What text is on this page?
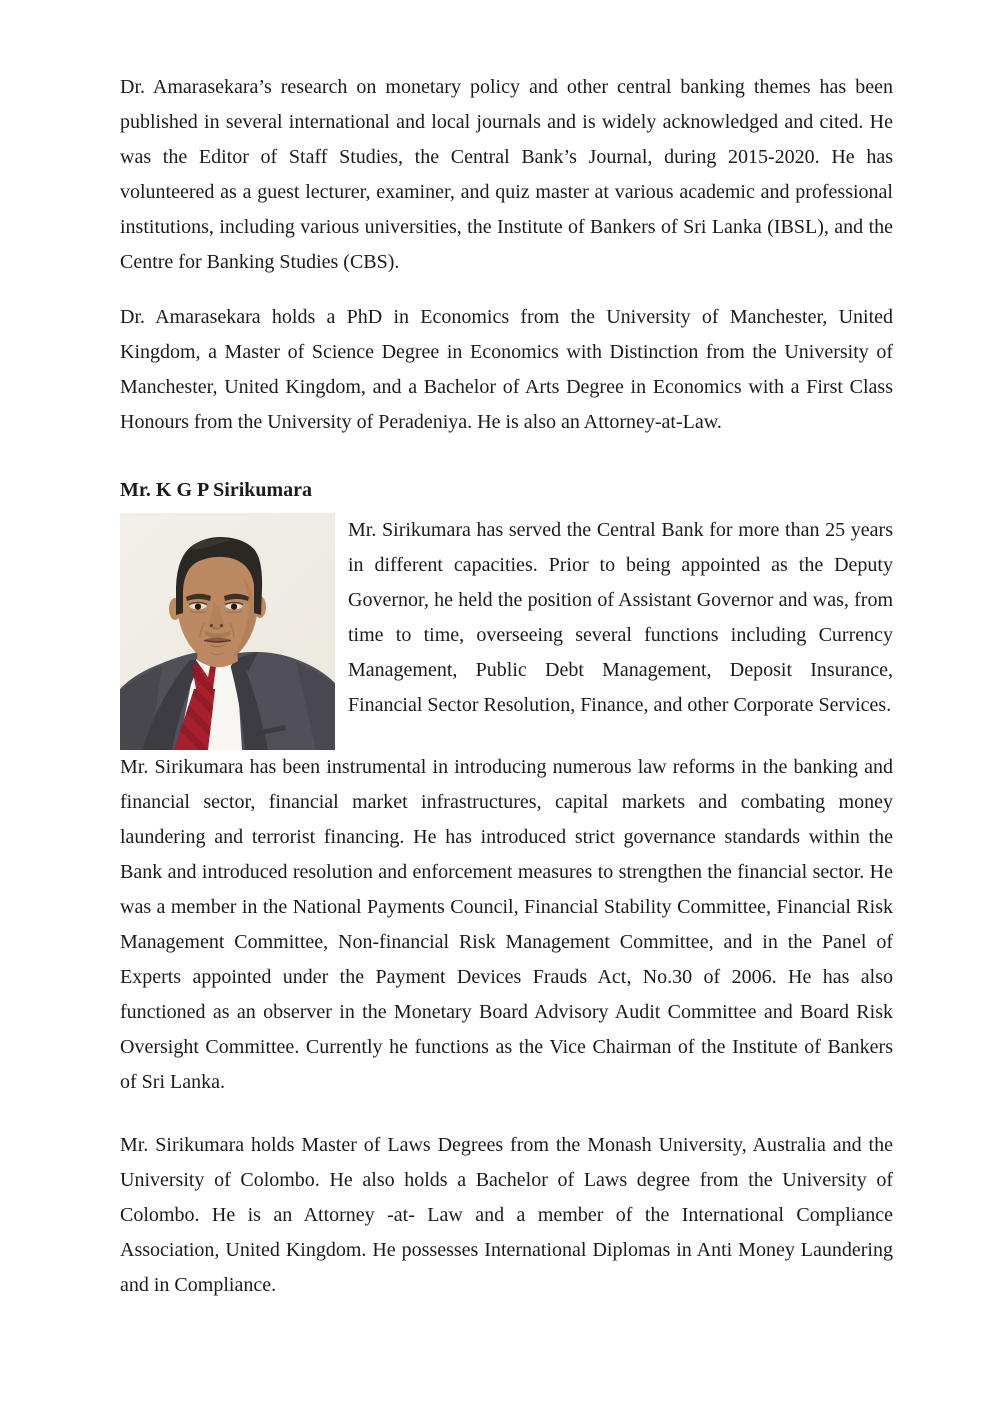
Dr. Amarasekara’s research on monetary policy and other central banking themes has been published in several international and local journals and is widely acknowledged and cited. He was the Editor of Staff Studies, the Central Bank’s Journal, during 2015-2020. He has volunteered as a guest lecturer, examiner, and quiz master at various academic and professional institutions, including various universities, the Institute of Bankers of Sri Lanka (IBSL), and the Centre for Banking Studies (CBS).

Dr. Amarasekara holds a PhD in Economics from the University of Manchester, United Kingdom, a Master of Science Degree in Economics with Distinction from the University of Manchester, United Kingdom, and a Bachelor of Arts Degree in Economics with a First Class Honours from the University of Peradeniya. He is also an Attorney-at-Law.

Mr. K G P Sirikumara

Mr. Sirikumara has served the Central Bank for more than 25 years in different capacities. Prior to being appointed as the Deputy Governor, he held the position of Assistant Governor and was, from time to time, overseeing several functions including Currency Management, Public Debt Management, Deposit Insurance, Financial Sector Resolution, Finance, and other Corporate Services.

Mr. Sirikumara has been instrumental in introducing numerous law reforms in the banking and financial sector, financial market infrastructures, capital markets and combating money laundering and terrorist financing. He has introduced strict governance standards within the Bank and introduced resolution and enforcement measures to strengthen the financial sector. He was a member in the National Payments Council, Financial Stability Committee, Financial Risk Management Committee, Non-financial Risk Management Committee, and in the Panel of Experts appointed under the Payment Devices Frauds Act, No.30 of 2006. He has also functioned as an observer in the Monetary Board Advisory Audit Committee and Board Risk Oversight Committee. Currently he functions as the Vice Chairman of the Institute of Bankers of Sri Lanka.

Mr. Sirikumara holds Master of Laws Degrees from the Monash University, Australia and the University of Colombo. He also holds a Bachelor of Laws degree from the University of Colombo. He is an Attorney -at- Law and a member of the International Compliance Association, United Kingdom. He possesses International Diplomas in Anti Money Laundering and in Compliance.
